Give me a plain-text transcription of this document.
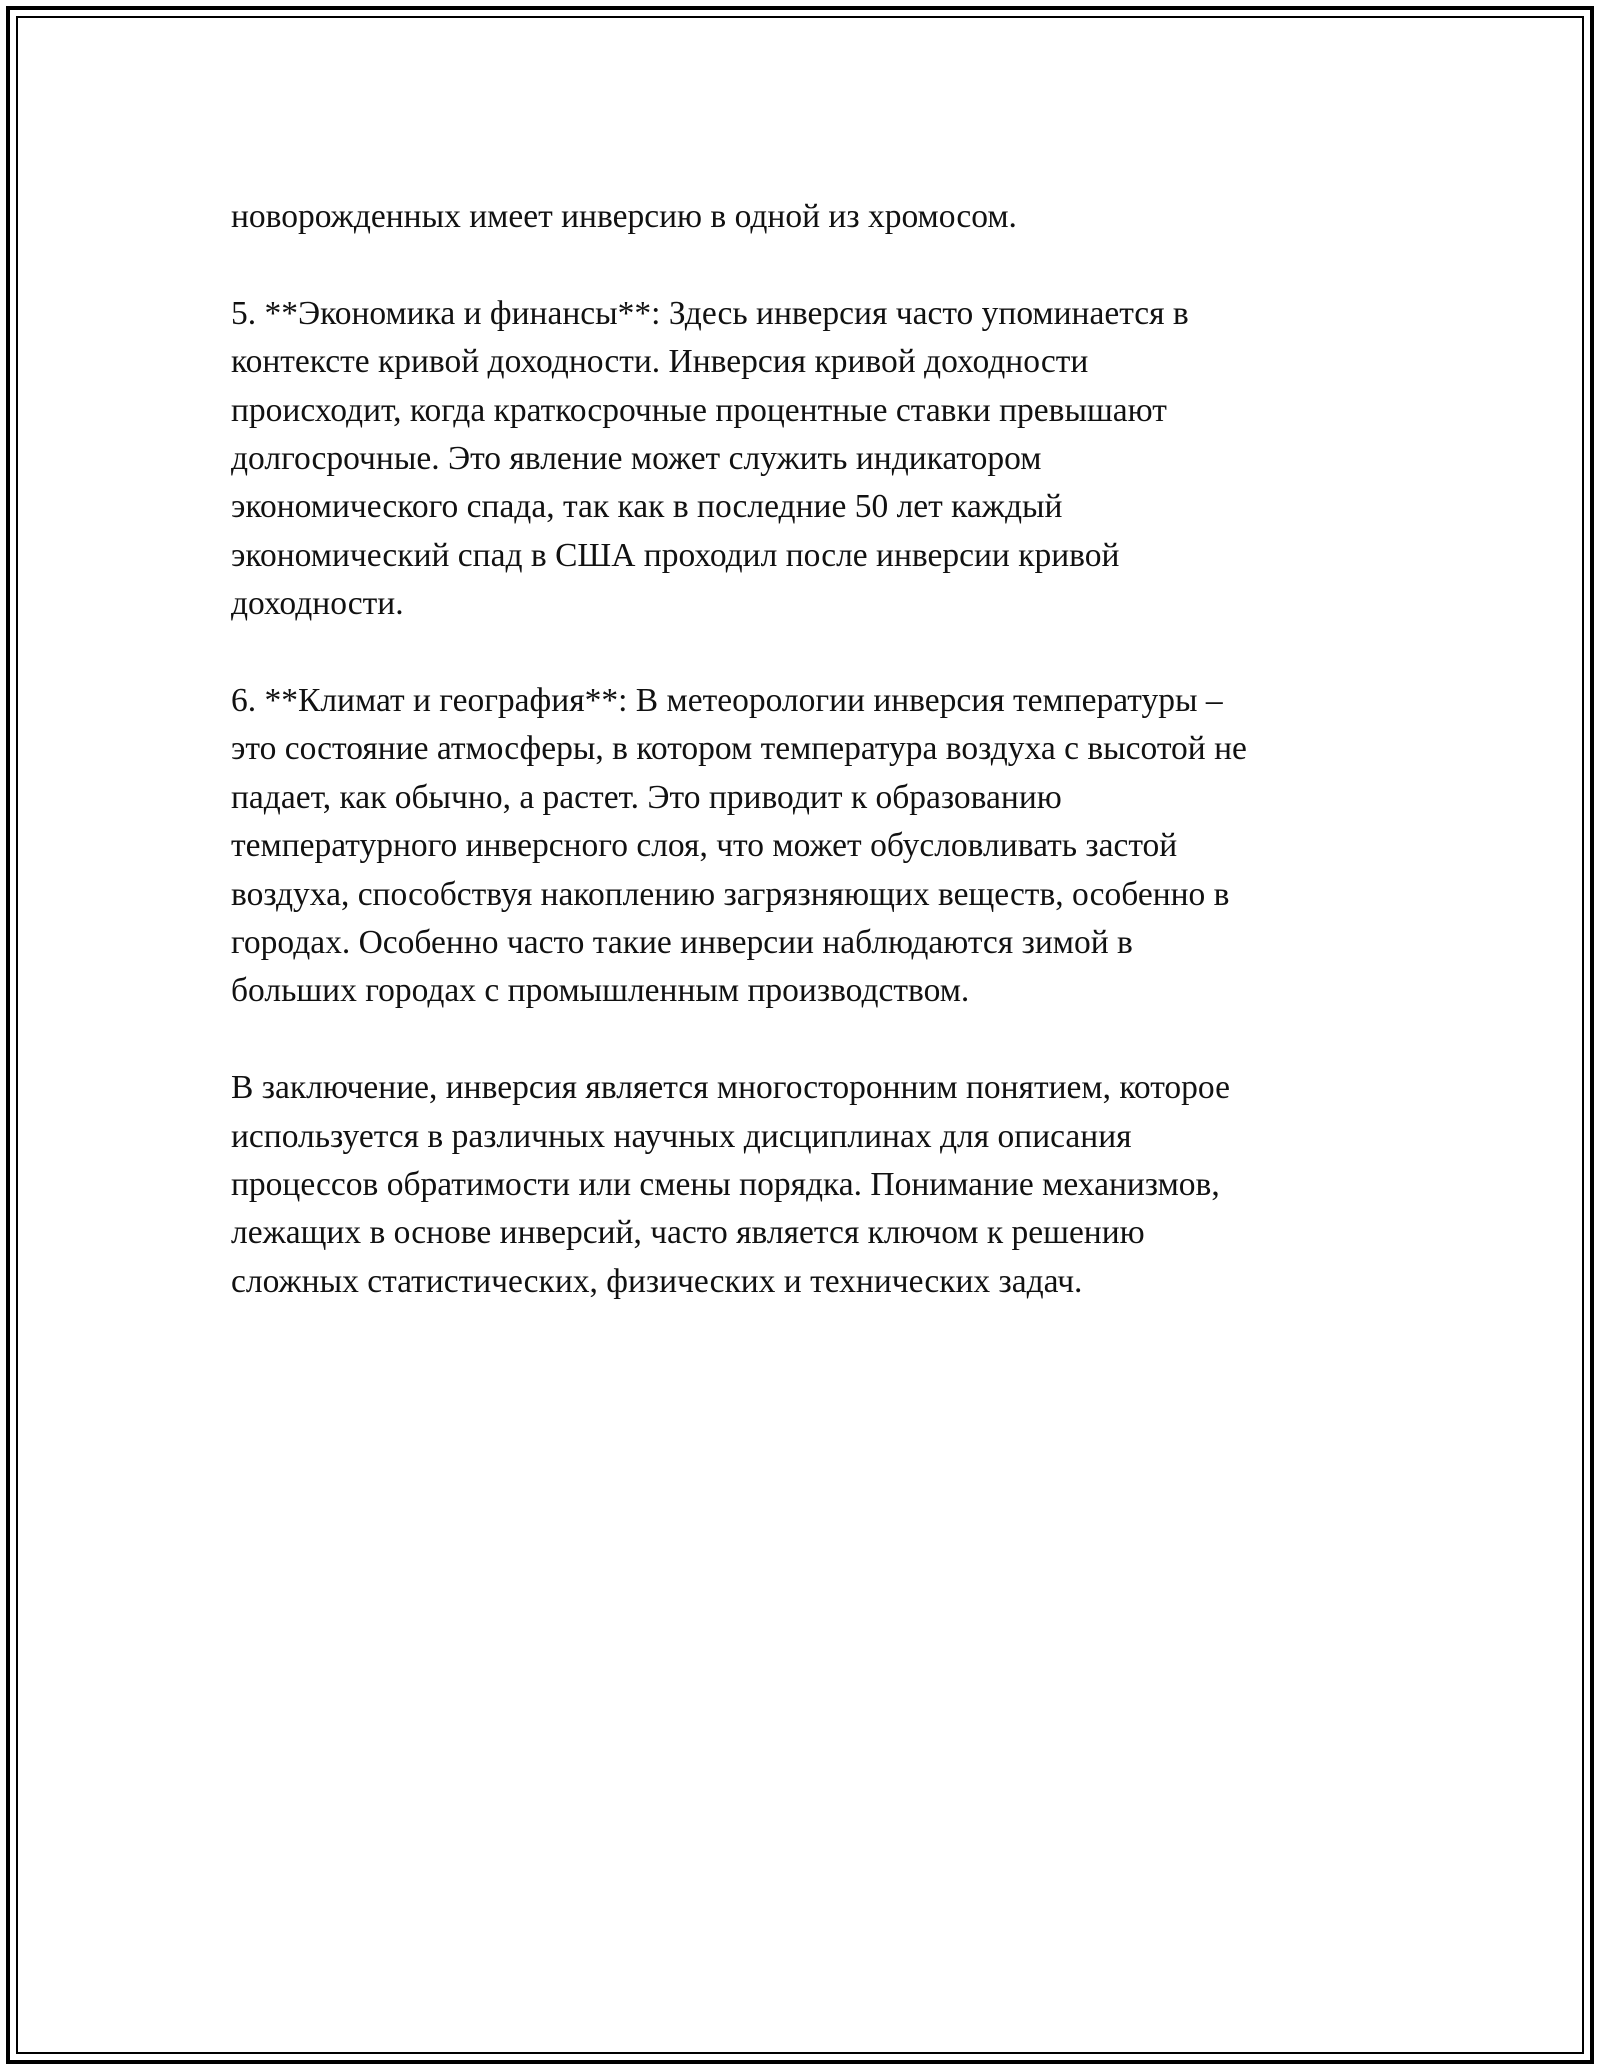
новорожденных имеет инверсию в одной из хромосом.

5. **Экономика и финансы**: Здесь инверсия часто упоминается в
контексте кривой доходности. Инверсия кривой доходности
происходит, когда краткосрочные процентные ставки превышают
долгосрочные. Это явление может служить индикатором
экономического спада, так как в последние 50 лет каждый
экономический спад в США проходил после инверсии кривой
доходности.

6. **Климат и география**: В метеорологии инверсия температуры –
это состояние атмосферы, в котором температура воздуха с высотой не
падает, как обычно, а растет. Это приводит к образованию
температурного инверсного слоя, что может обусловливать застой
воздуха, способствуя накоплению загрязняющих веществ, особенно в
городах. Особенно часто такие инверсии наблюдаются зимой в
больших городах с промышленным производством.

В заключение, инверсия является многосторонним понятием, которое
используется в различных научных дисциплинах для описания
процессов обратимости или смены порядка. Понимание механизмов,
лежащих в основе инверсий, часто является ключом к решению
сложных статистических, физических и технических задач.
